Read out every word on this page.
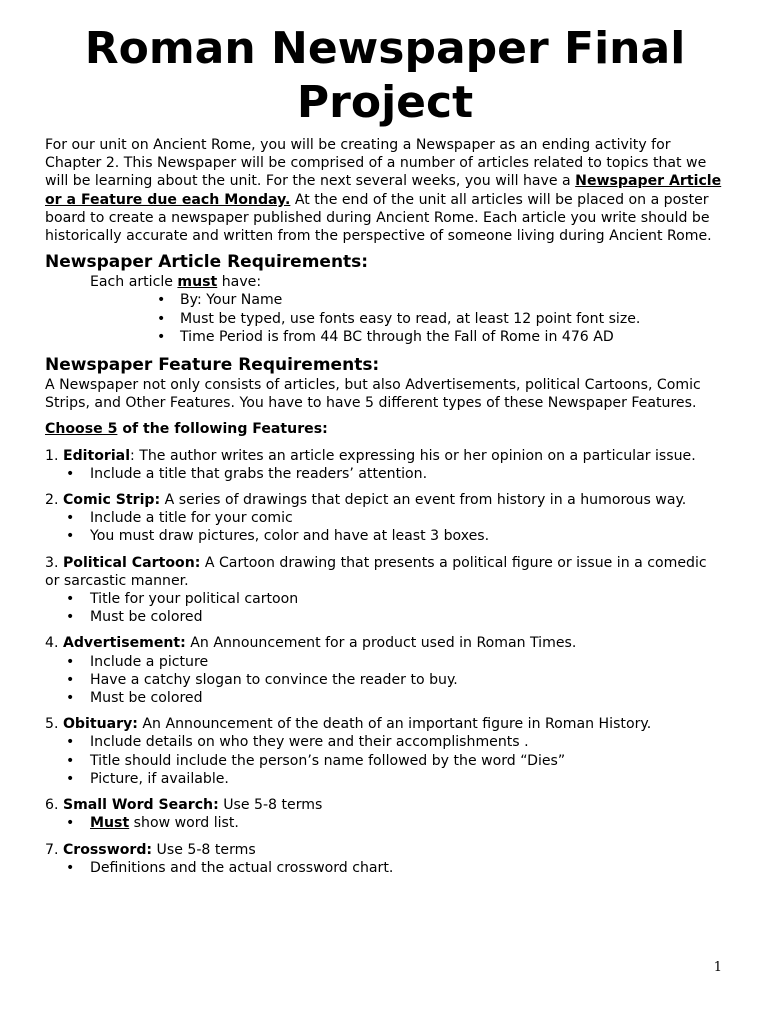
Roman Newspaper Final Project

For our unit on Ancient Rome, you will be creating a Newspaper as an ending activity for Chapter 2. This Newspaper will be comprised of a number of articles related to topics that we will be learning about the unit. For the next several weeks, you will have a Newspaper Article or a Feature due each Monday. At the end of the unit all articles will be placed on a poster board to create a newspaper published during Ancient Rome. Each article you write should be historically accurate and written from the perspective of someone living during Ancient Rome.

Newspaper Article Requirements:

Each article must have:

• By: Your Name
• Must be typed, use fonts easy to read, at least 12 point font size.
• Time Period is from 44 BC through the Fall of Rome in 476 AD
Newspaper Feature Requirements:

A Newspaper not only consists of articles, but also Advertisements, political Cartoons, Comic Strips, and Other Features. You have to have 5 different types of these Newspaper Features.

Choose 5 of the following Features:

1. Editorial: The author writes an article expressing his or her opinion on a particular issue.

• Include a title that grabs the readers’ attention.

2. Comic Strip: A series of drawings that depict an event from history in a humorous way.

• Include a title for your comic
• You must draw pictures, color and have at least 3 boxes.

3. Political Cartoon: A Cartoon drawing that presents a political figure or issue in a comedic or sarcastic manner.

• Title for your political cartoon
• Must be colored

4. Advertisement: An Announcement for a product used in Roman Times.

• Include a picture
• Have a catchy slogan to convince the reader to buy.
• Must be colored

5. Obituary: An Announcement of the death of an important figure in Roman History.

• Include details on who they were and their accomplishments .
• Title should include the person’s name followed by the word “Dies”
• Picture, if available.

6. Small Word Search: Use 5-8 terms

• Must show word list.

7. Crossword: Use 5-8 terms

• Definitions and the actual crossword chart.
1
